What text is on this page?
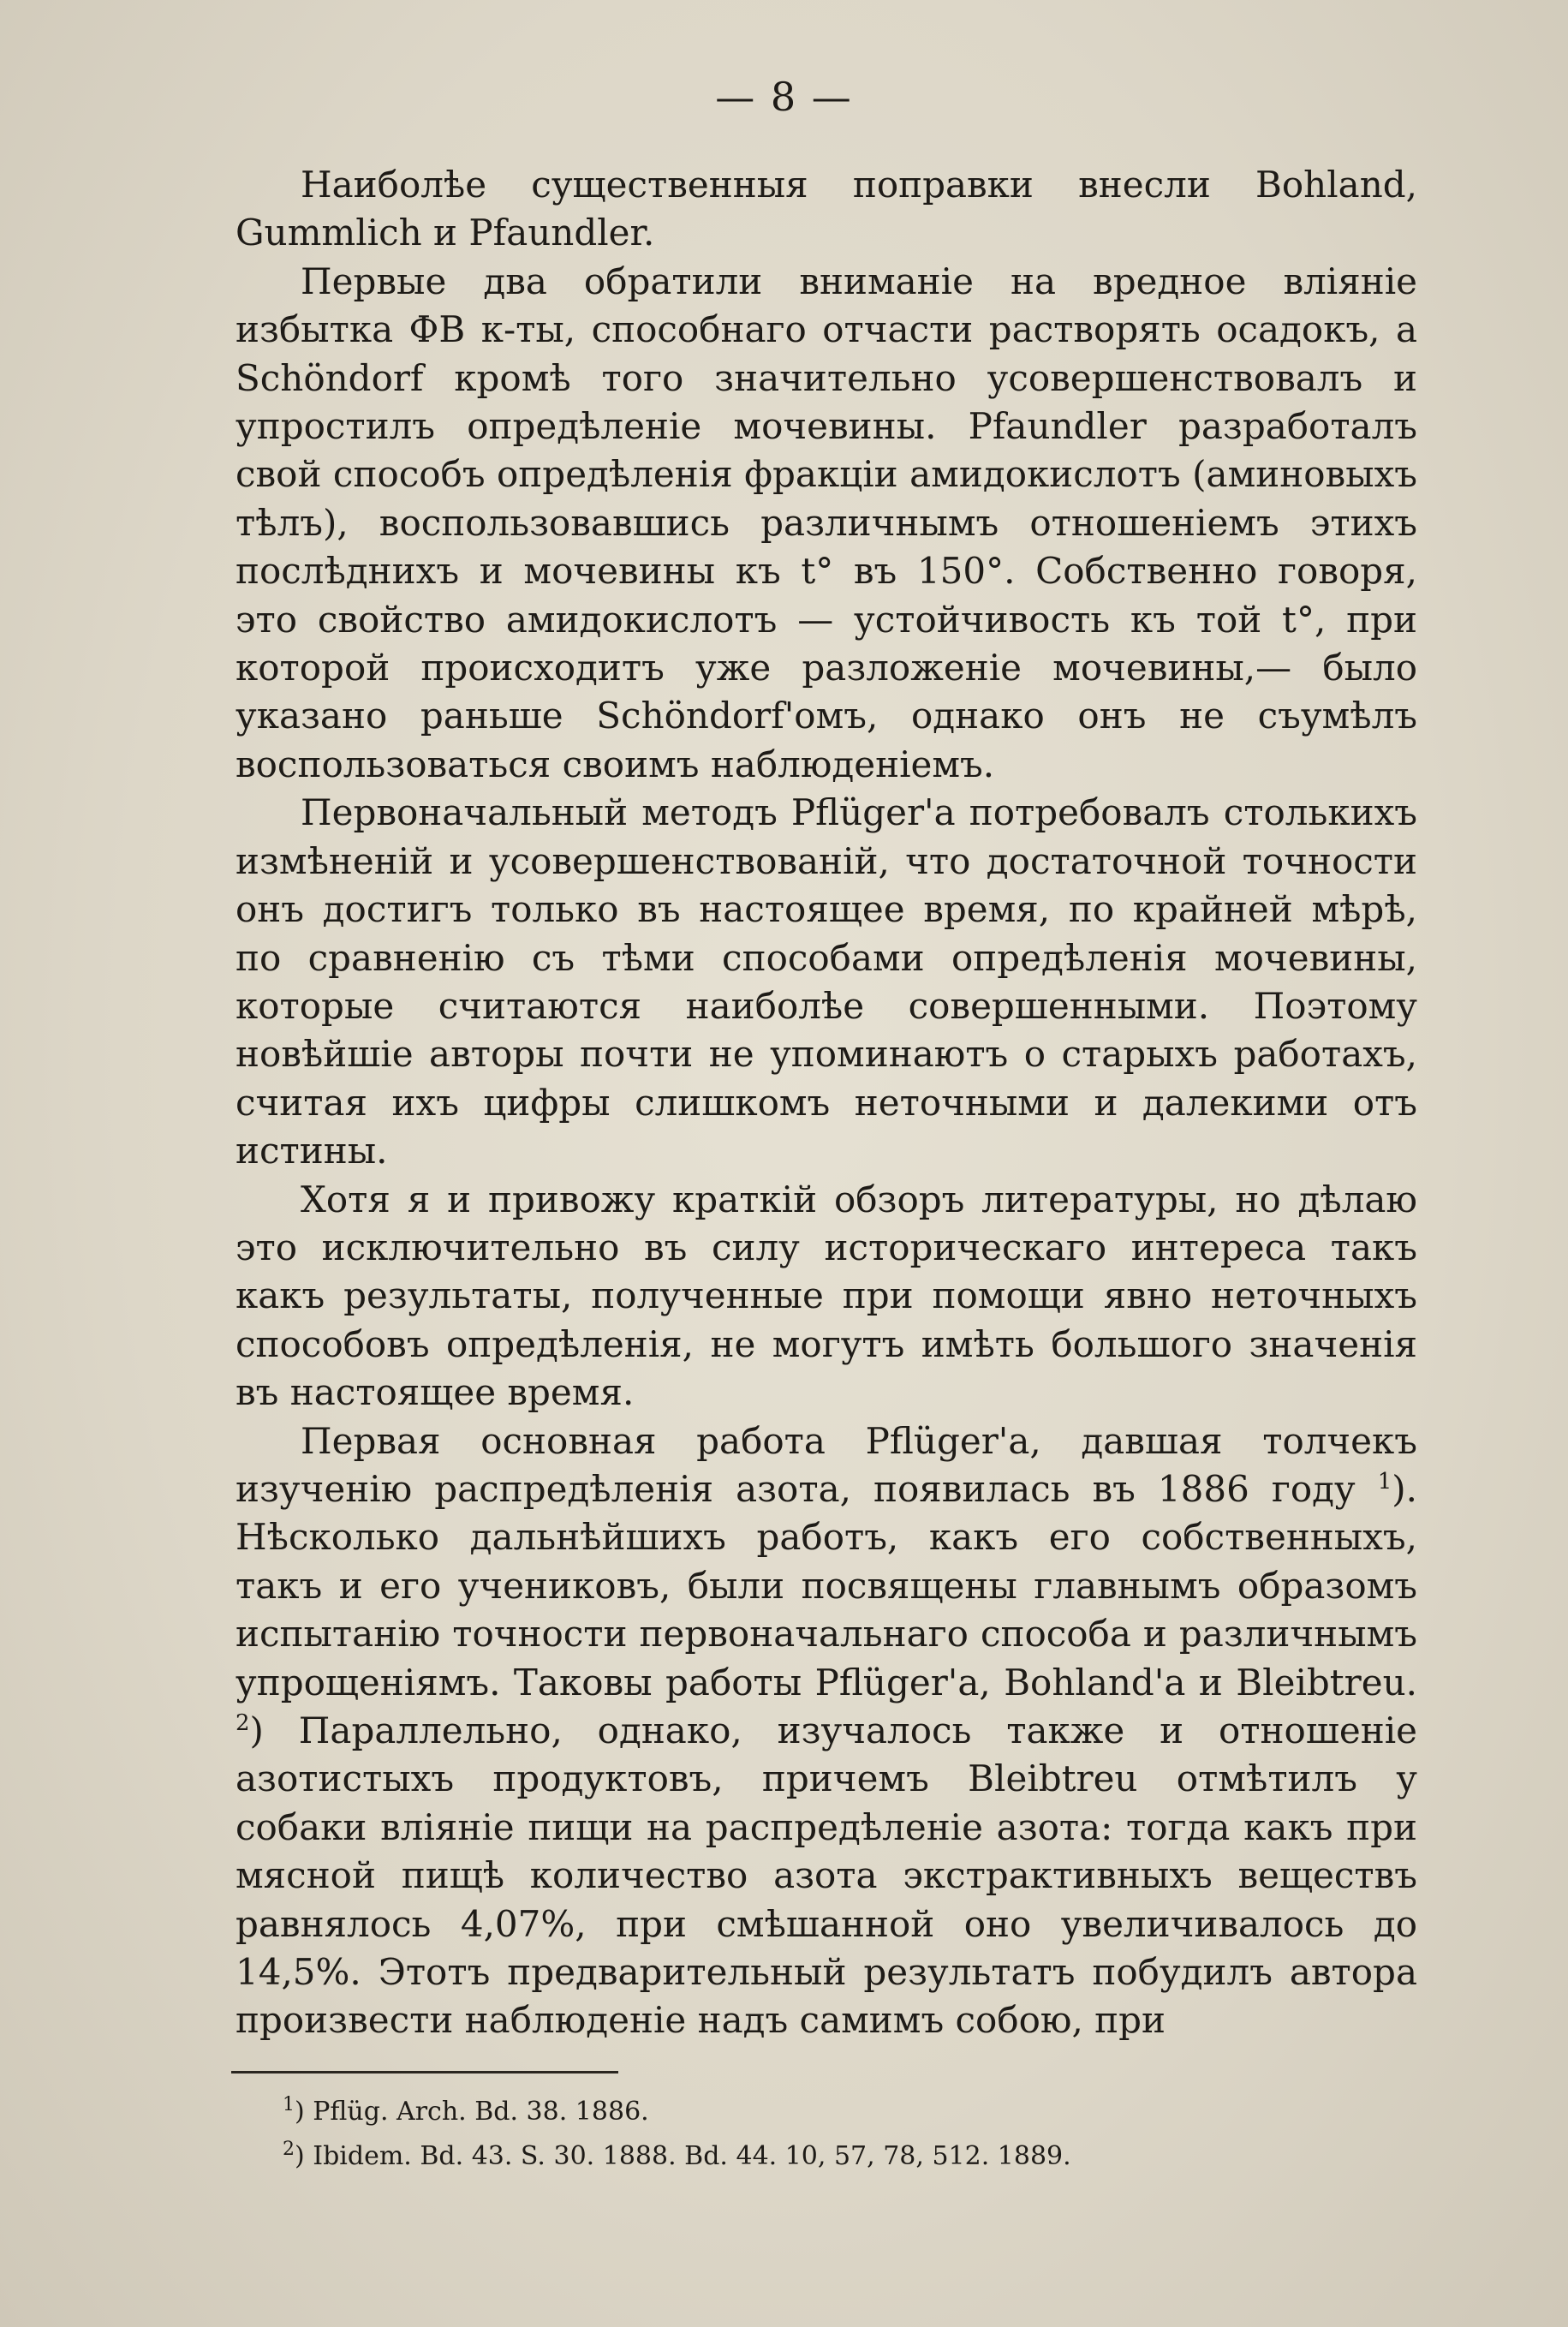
— 8 —

Наиболѣе существенныя поправки внесли Bohland, Gummlich и Pfaundler.

Первые два обратили вниманіе на вредное вліяніе избытка ФВ к-ты, способнаго отчасти растворять осадокъ, а Schöndorf кромѣ того значительно усовершенствовалъ и упростилъ опредѣленіе мочевины. Pfaundler разработалъ свой способъ опредѣленія фракціи амидокислотъ (аминовыхъ тѣлъ), воспользовавшись различнымъ отношеніемъ этихъ послѣднихъ и мочевины къ t° въ 150°. Собственно говоря, это свойство амидокислотъ — устойчивость къ той t°, при которой происходитъ уже разложеніе мочевины,— было указано раньше Schöndorf'омъ, однако онъ не съумѣлъ воспользоваться своимъ наблюденіемъ.

Первоначальный методъ Pflüger'а потребовалъ столькихъ измѣненій и усовершенствованій, что достаточной точности онъ достигъ только въ настоящее время, по крайней мѣрѣ, по сравненію съ тѣми способами опредѣленія мочевины, которые считаются наиболѣе совершенными. Поэтому новѣйшіе авторы почти не упоминаютъ о старыхъ работахъ, считая ихъ цифры слишкомъ неточными и далекими отъ истины.

Хотя я и привожу краткій обзоръ литературы, но дѣлаю это исключительно въ силу историческаго интереса такъ какъ результаты, полученные при помощи явно неточныхъ способовъ опредѣленія, не могутъ имѣть большого значенія въ настоящее время.

Первая основная работа Pflüger'а, давшая толчекъ изученію распредѣленія азота, появилась въ 1886 году $^1$). Нѣсколько дальнѣйшихъ работъ, какъ его собственныхъ, такъ и его учениковъ, были посвящены главнымъ образомъ испытанію точности первоначальнаго способа и различнымъ упрощеніямъ. Таковы работы Pflüger'а, Bohland'а и Bleibtreu. $^2$) Параллельно, однако, изучалось также и отношеніе азотистыхъ продуктовъ, причемъ Bleibtreu отмѣтилъ у собаки вліяніе пищи на распредѣленіе азота: тогда какъ при мясной пищѣ количество азота экстрактивныхъ веществъ равнялось 4,07%, при смѣшанной оно увеличивалось до 14,5%. Этотъ предварительный результатъ побудилъ автора произвести наблюденіе надъ самимъ собою, при

$^1$) Pflüg. Arch. Bd. 38. 1886.
$^2$) Ibidem. Bd. 43. S. 30. 1888. Bd. 44. 10, 57, 78, 512. 1889.
